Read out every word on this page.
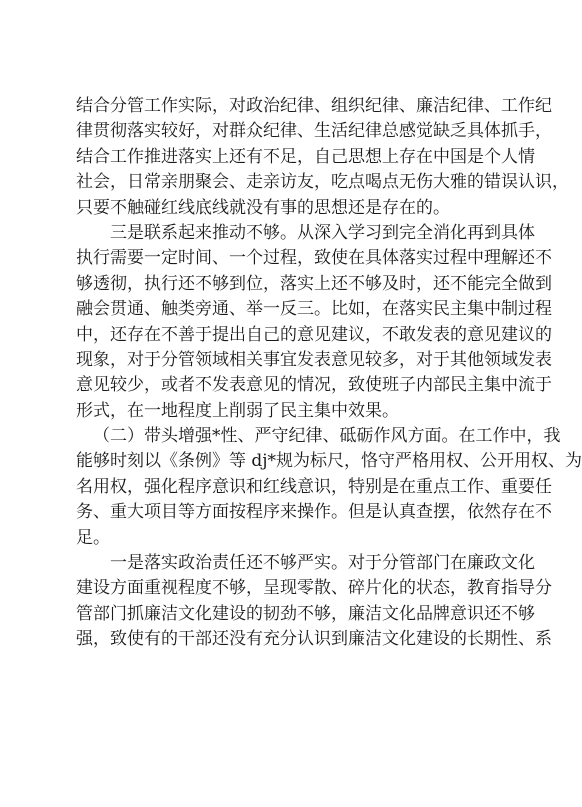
结合分管工作实际，对政治纪律、组织纪律、廉洁纪律、工作纪
律贯彻落实较好，对群众纪律、生活纪律总感觉缺乏具体抓手，
结合工作推进落实上还有不足，自己思想上存在中国是个人情
社会，日常亲朋聚会、走亲访友，吃点喝点无伤大雅的错误认识，
只要不触碰红线底线就没有事的思想还是存在的。
三是联系起来推动不够。从深入学习到完全消化再到具体
执行需要一定时间、一个过程，致使在具体落实过程中理解还不
够透彻，执行还不够到位，落实上还不够及时，还不能完全做到
融会贯通、触类旁通、举一反三。比如，在落实民主集中制过程
中，还存在不善于提出自己的意见建议，不敢发表的意见建议的
现象，对于分管领域相关事宜发表意见较多，对于其他领域发表
意见较少，或者不发表意见的情况，致使班子内部民主集中流于
形式，在一地程度上削弱了民主集中效果。
（二）带头增强*性、严守纪律、砥砺作风方面。在工作中，我
能够时刻以《条例》等 dj*规为标尺，恪守严格用权、公开用权、为
名用权，强化程序意识和红线意识，特别是在重点工作、重要任
务、重大项目等方面按程序来操作。但是认真查摆，依然存在不
足。
一是落实政治责任还不够严实。对于分管部门在廉政文化
建设方面重视程度不够，呈现零散、碎片化的状态，教育指导分
管部门抓廉洁文化建设的韧劲不够，廉洁文化品牌意识还不够
强，致使有的干部还没有充分认识到廉洁文化建设的长期性、系
